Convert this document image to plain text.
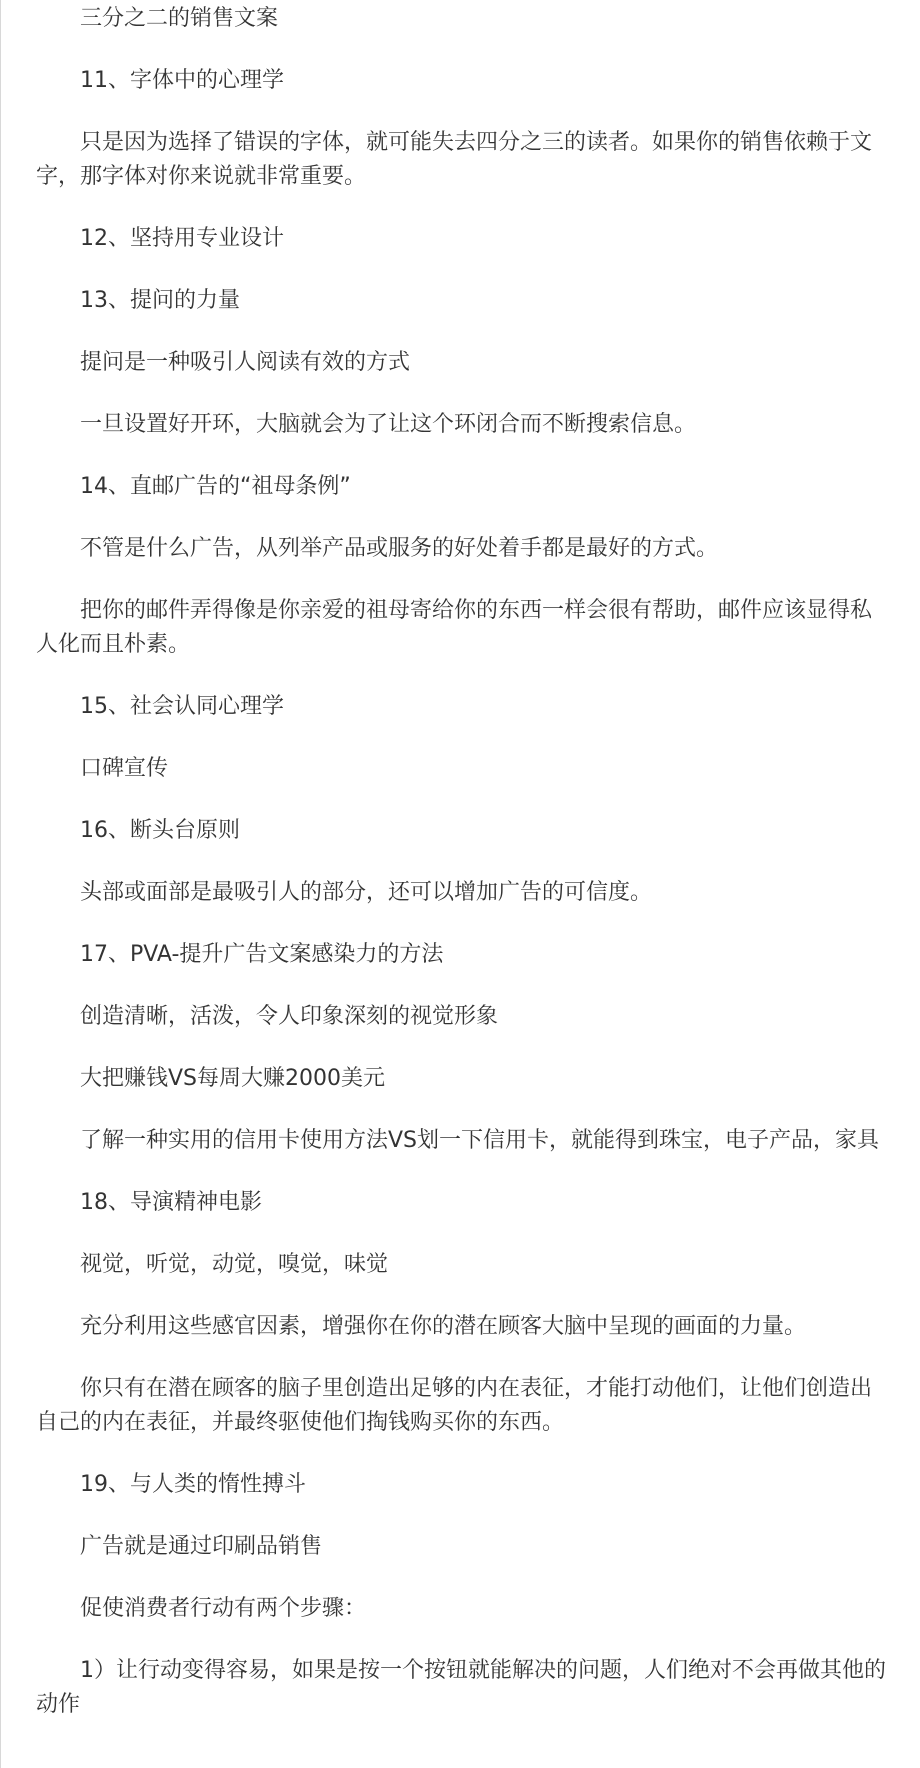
三分之二的销售文案

11、字体中的心理学

只是因为选择了错误的字体，就可能失去四分之三的读者。如果你的销售依赖于文字，那字体对你来说就非常重要。

12、坚持用专业设计

13、提问的力量

提问是一种吸引人阅读有效的方式

一旦设置好开环，大脑就会为了让这个环闭合而不断搜索信息。

14、直邮广告的“祖母条例”

不管是什么广告，从列举产品或服务的好处着手都是最好的方式。

把你的邮件弄得像是你亲爱的祖母寄给你的东西一样会很有帮助，邮件应该显得私人化而且朴素。

15、社会认同心理学

口碑宣传

16、断头台原则

头部或面部是最吸引人的部分，还可以增加广告的可信度。

17、PVA-提升广告文案感染力的方法

创造清晰，活泼，令人印象深刻的视觉形象

大把赚钱VS每周大赚2000美元

了解一种实用的信用卡使用方法VS划一下信用卡，就能得到珠宝，电子产品，家具

18、导演精神电影

视觉，听觉，动觉，嗅觉，味觉

充分利用这些感官因素，增强你在你的潜在顾客大脑中呈现的画面的力量。

你只有在潜在顾客的脑子里创造出足够的内在表征，才能打动他们，让他们创造出自己的内在表征，并最终驱使他们掏钱购买你的东西。

19、与人类的惰性搏斗

广告就是通过印刷品销售

促使消费者行动有两个步骤：

1）让行动变得容易，如果是按一个按钮就能解决的问题，人们绝对不会再做其他的动作
